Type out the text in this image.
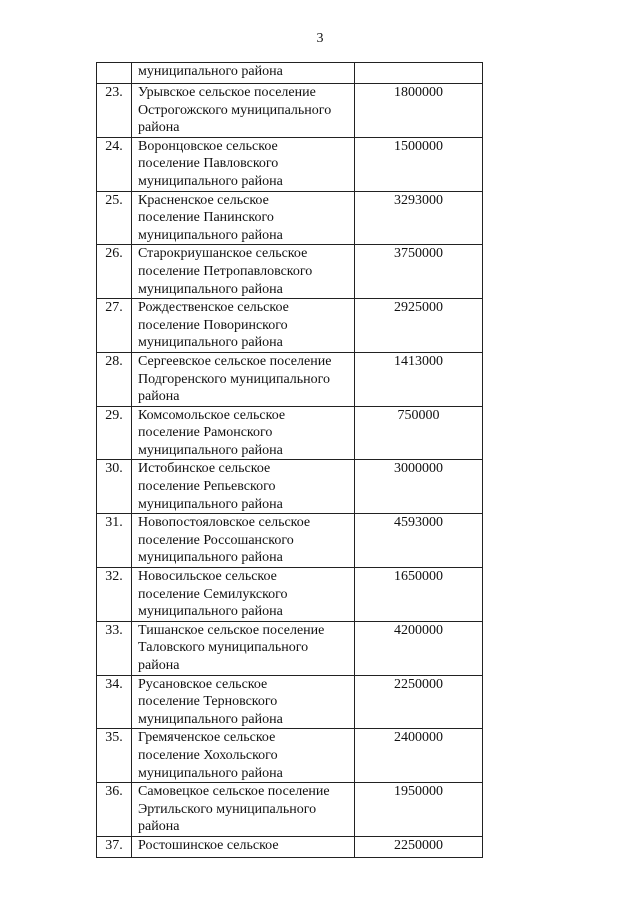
3
	муниципального района	
23.	Урывское сельское поселение
Острогожского муниципального
района	1800000
24.	Воронцовское сельское
поселение Павловского
муниципального района	1500000
25.	Красненское сельское
поселение Панинского
муниципального района	3293000
26.	Старокриушанское сельское
поселение Петропавловского
муниципального района	3750000
27.	Рождественское сельское
поселение Поворинского
муниципального района	2925000
28.	Сергеевское сельское поселение
Подгоренского муниципального
района	1413000
29.	Комсомольское сельское
поселение Рамонского
муниципального района	750000
30.	Истобинское сельское
поселение Репьевского
муниципального района	3000000
31.	Новопостояловское сельское
поселение Россошанского
муниципального района	4593000
32.	Новосильское сельское
поселение Семилукского
муниципального района	1650000
33.	Тишанское сельское поселение
Таловского муниципального
района	4200000
34.	Русановское сельское
поселение Терновского
муниципального района	2250000
35.	Гремяченское сельское
поселение Хохольского
муниципального района	2400000
36.	Самовецкое сельское поселение
Эртильского муниципального
района	1950000
37.	Ростошинское сельское	2250000
